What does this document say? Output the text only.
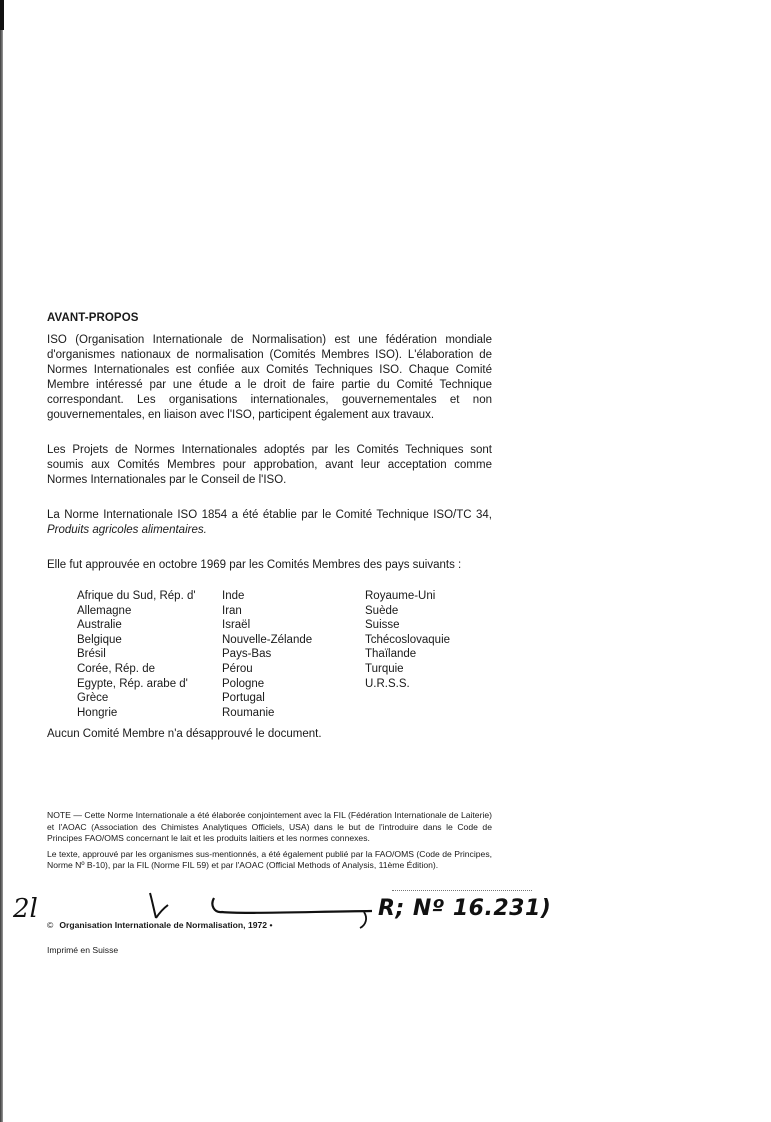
AVANT-PROPOS

ISO (Organisation Internationale de Normalisation) est une fédération mondiale d'organismes nationaux de normalisation (Comités Membres ISO). L'élaboration de Normes Internationales est confiée aux Comités Techniques ISO. Chaque Comité Membre intéressé par une étude a le droit de faire partie du Comité Technique correspondant. Les organisations internationales, gouvernementales et non gouvernementales, en liaison avec l'ISO, participent également aux travaux.

Les Projets de Normes Internationales adoptés par les Comités Techniques sont soumis aux Comités Membres pour approbation, avant leur acceptation comme Normes Internationales par le Conseil de l'ISO.

La Norme Internationale ISO 1854 a été établie par le Comité Technique ISO/TC 34, Produits agricoles alimentaires.

Elle fut approuvée en octobre 1969 par les Comités Membres des pays suivants :

Afrique du Sud, Rép. d'
Allemagne
Australie
Belgique
Brésil
Corée, Rép. de
Egypte, Rép. arabe d'
Grèce
Hongrie
Inde
Iran
Israël
Nouvelle-Zélande
Pays-Bas
Pérou
Pologne
Portugal
Roumanie
Royaume-Uni
Suède
Suisse
Tchécoslovaquie
Thaïlande
Turquie
U.R.S.S.

Aucun Comité Membre n'a désapprouvé le document.

NOTE — Cette Norme Internationale a été élaborée conjointement avec la FIL (Fédération Internationale de Laiterie) et l'AOAC (Association des Chimistes Analytiques Officiels, USA) dans le but de l'introduire dans le Code de Principes FAO/OMS concernant le lait et les produits laitiers et les normes connexes.

Le texte, approuvé par les organismes sus-mentionnés, a été également publié par la FAO/OMS (Code de Principes, Norme Nº B-10), par la FIL (Norme FIL 59) et par l'AOAC (Official Methods of Analysis, 11ème Édition).

© Organisation Internationale de Normalisation, 1972 •
Imprimé en Suisse
2l	R; Nº 16.231)
